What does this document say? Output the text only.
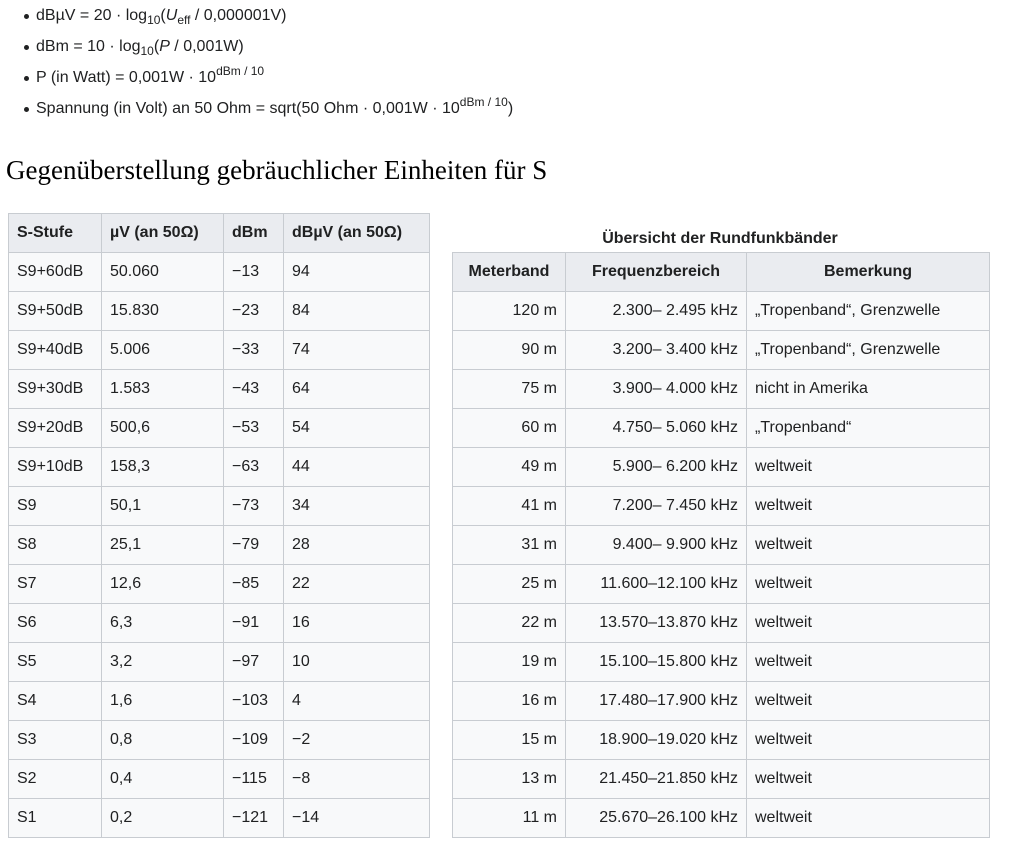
$dB\mu V = 20 \cdot \log_{10}(U_{eff} / 0,000001V)$
dBm = $10 \cdot \log_{10}(P / 0,001W)$
P (in Watt) = $0,001W \cdot 10^{dBm / 10}$
Spannung (in Volt) an 50 Ohm = sqrt(50 Ohm · $0,001W \cdot 10^{dBm / 10}$)
Gegenüberstellung gebräuchlicher Einheiten für S
S-Stufe	µV (an 50Ω)	dBm	dBµV (an 50Ω)
S9+60dB	50.060	−13	94
S9+50dB	15.830	−23	84
S9+40dB	5.006	−33	74
S9+30dB	1.583	−43	64
S9+20dB	500,6	−53	54
S9+10dB	158,3	−63	44
S9	50,1	−73	34
S8	25,1	−79	28
S7	12,6	−85	22
S6	6,3	−91	16
S5	3,2	−97	10
S4	1,6	−103	4
S3	0,8	−109	−2
S2	0,4	−115	−8
S1	0,2	−121	−14
Übersicht der Rundfunkbänder
Meterband	Frequenzbereich	Bemerkung
120 m	2.300– 2.495 kHz	„Tropenband“, Grenzwelle
90 m	3.200– 3.400 kHz	„Tropenband“, Grenzwelle
75 m	3.900– 4.000 kHz	nicht in Amerika
60 m	4.750– 5.060 kHz	„Tropenband“
49 m	5.900– 6.200 kHz	weltweit
41 m	7.200– 7.450 kHz	weltweit
31 m	9.400– 9.900 kHz	weltweit
25 m	11.600–12.100 kHz	weltweit
22 m	13.570–13.870 kHz	weltweit
19 m	15.100–15.800 kHz	weltweit
16 m	17.480–17.900 kHz	weltweit
15 m	18.900–19.020 kHz	weltweit
13 m	21.450–21.850 kHz	weltweit
11 m	25.670–26.100 kHz	weltweit
